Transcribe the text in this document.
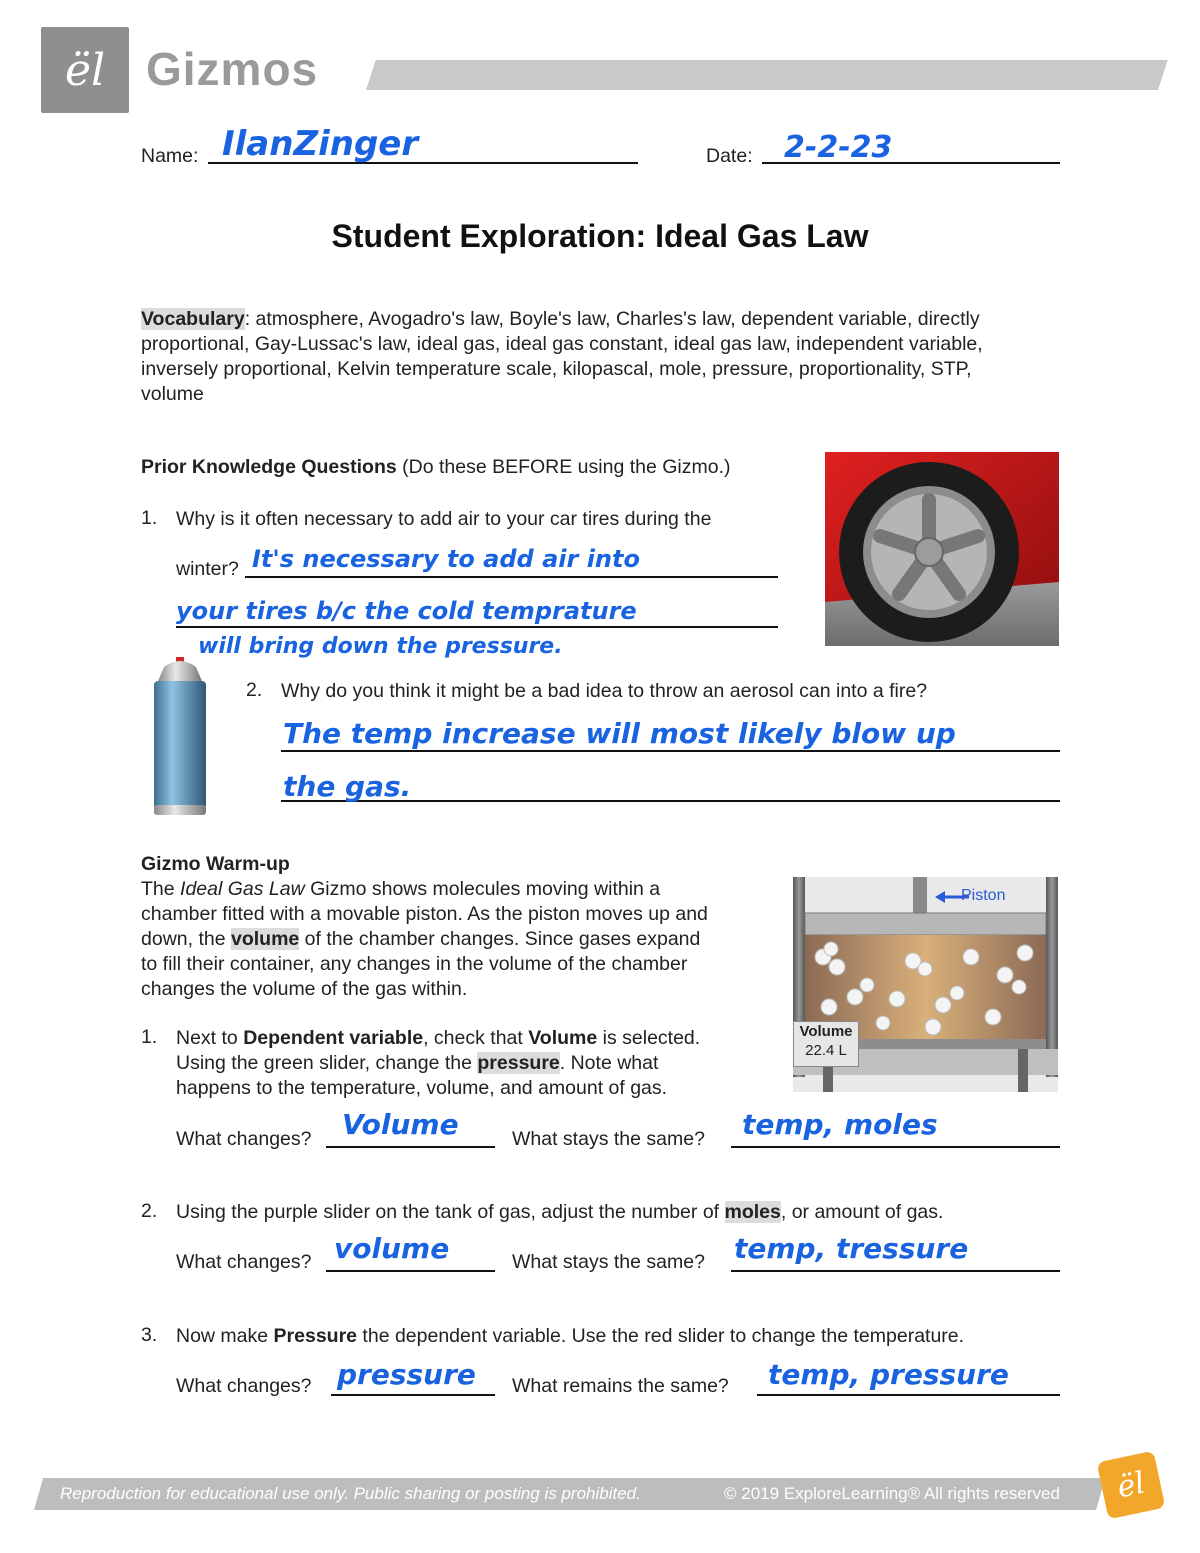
ël Gizmos
Name: IlanZinger	Date: 2-2-23
Student Exploration: Ideal Gas Law
Vocabulary: atmosphere, Avogadro's law, Boyle's law, Charles's law, dependent variable, directly proportional, Gay-Lussac's law, ideal gas, ideal gas constant, ideal gas law, independent variable, inversely proportional, Kelvin temperature scale, kilopascal, mole, pressure, proportionality, STP, volume
Prior Knowledge Questions (Do these BEFORE using the Gizmo.)
1. Why is it often necessary to add air to your car tires during the
winter? It's necessary to add air into
your tires b/c the cold temprature
will bring down the pressure.
2. Why do you think it might be a bad idea to throw an aerosol can into a fire?
The temp increase will most likely blow up
the gas.
Gizmo Warm-up
The Ideal Gas Law Gizmo shows molecules moving within a
chamber fitted with a movable piston. As the piston moves up and
down, the volume of the chamber changes. Since gases expand
to fill their container, any changes in the volume of the chamber
changes the volume of the gas within.
Piston
Volume
22.4 L
1. Next to Dependent variable, check that Volume is selected.
Using the green slider, change the pressure. Note what
happens to the temperature, volume, and amount of gas.
What changes? Volume	What stays the same? temp, moles
2. Using the purple slider on the tank of gas, adjust the number of moles, or amount of gas.
What changes? volume	What stays the same? temp, tressure
3. Now make Pressure the dependent variable. Use the red slider to change the temperature.
What changes? pressure What remains the same? temp, pressure
Reproduction for educational use only. Public sharing or posting is prohibited.	© 2019 ExploreLearning® All rights reserved	ël
